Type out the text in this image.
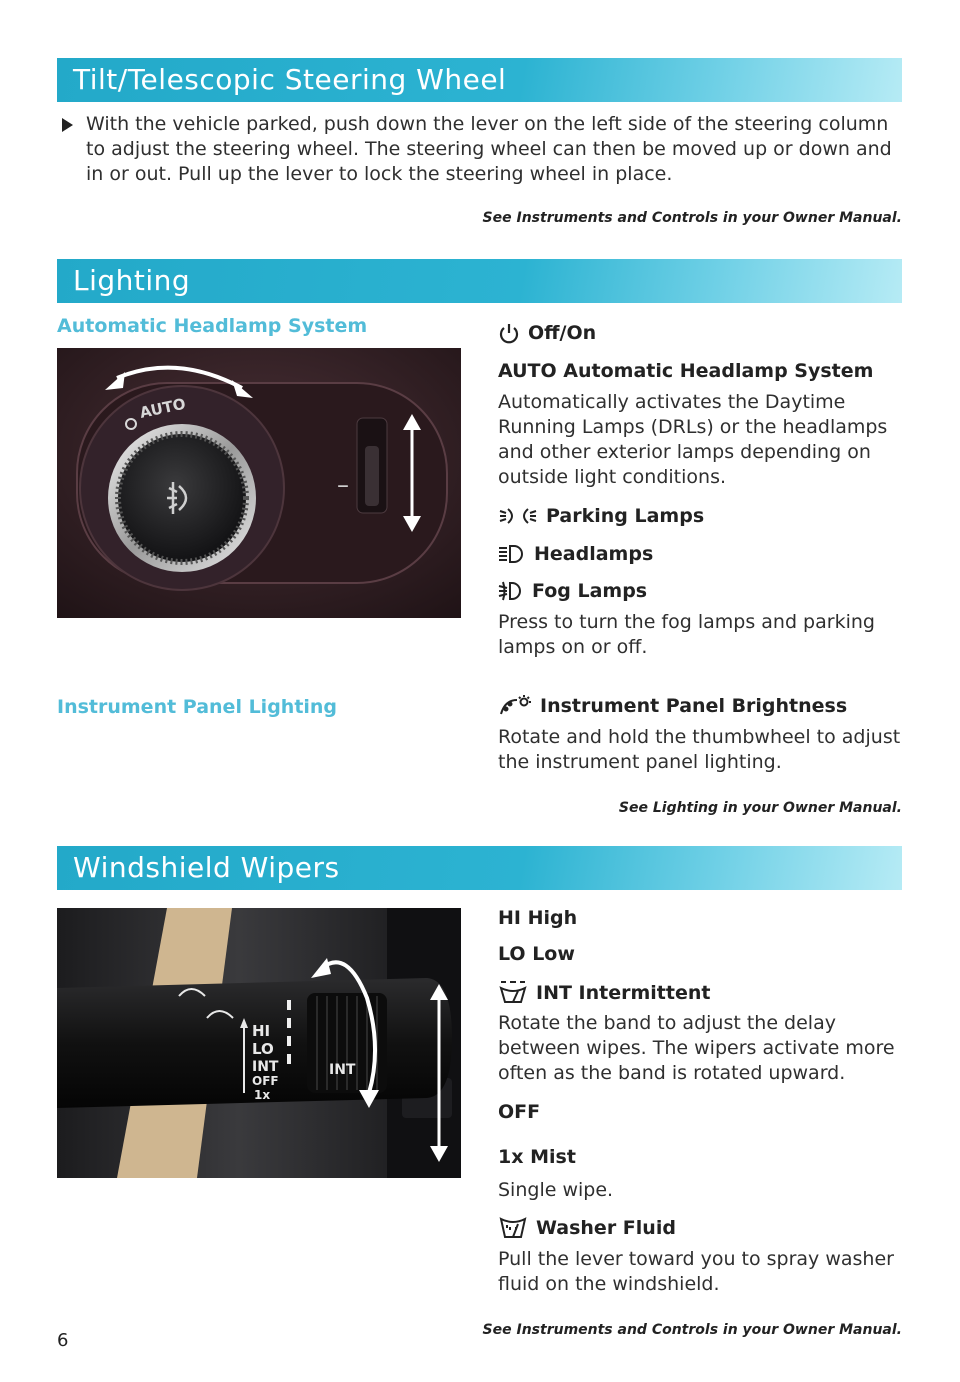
Tilt/Telescopic Steering Wheel
With the vehicle parked, push down the lever on the left side of the steering column to adjust the steering wheel. The steering wheel can then be moved up or down and in or out. Pull up the lever to lock the steering wheel in place.
See Instruments and Controls in your Owner Manual.
Lighting
Automatic Headlamp System
AUTO
–
Off/On
AUTO Automatic Headlamp System
Automatically activates the Daytime Running Lamps (DRLs) or the headlamps and other exterior lamps depending on outside light conditions.
Parking Lamps
Headlamps
Fog Lamps
Press to turn the fog lamps and parking lamps on or off.
Instrument Panel Lighting	Instrument Panel Brightness
Rotate and hold the thumbwheel to adjust the instrument panel lighting.
See Lighting in your Owner Manual.
Windshield Wipers
HI
LO
INT
OFF
1x
INT
HI High
LO Low
INT Intermittent
Rotate the band to adjust the delay between wipes. The wipers activate more often as the band is rotated upward.
OFF
1x Mist
Single wipe.
Washer Fluid
Pull the lever toward you to spray washer fluid on the windshield.
See Instruments and Controls in your Owner Manual.
6
